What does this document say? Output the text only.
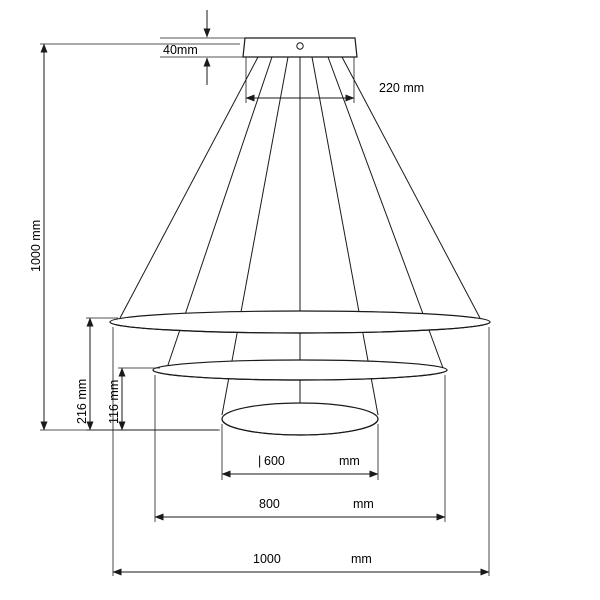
40mm
220 mm
1000 mm
216 mm 116 mm
| 600	mm
800	mm
1000	mm
